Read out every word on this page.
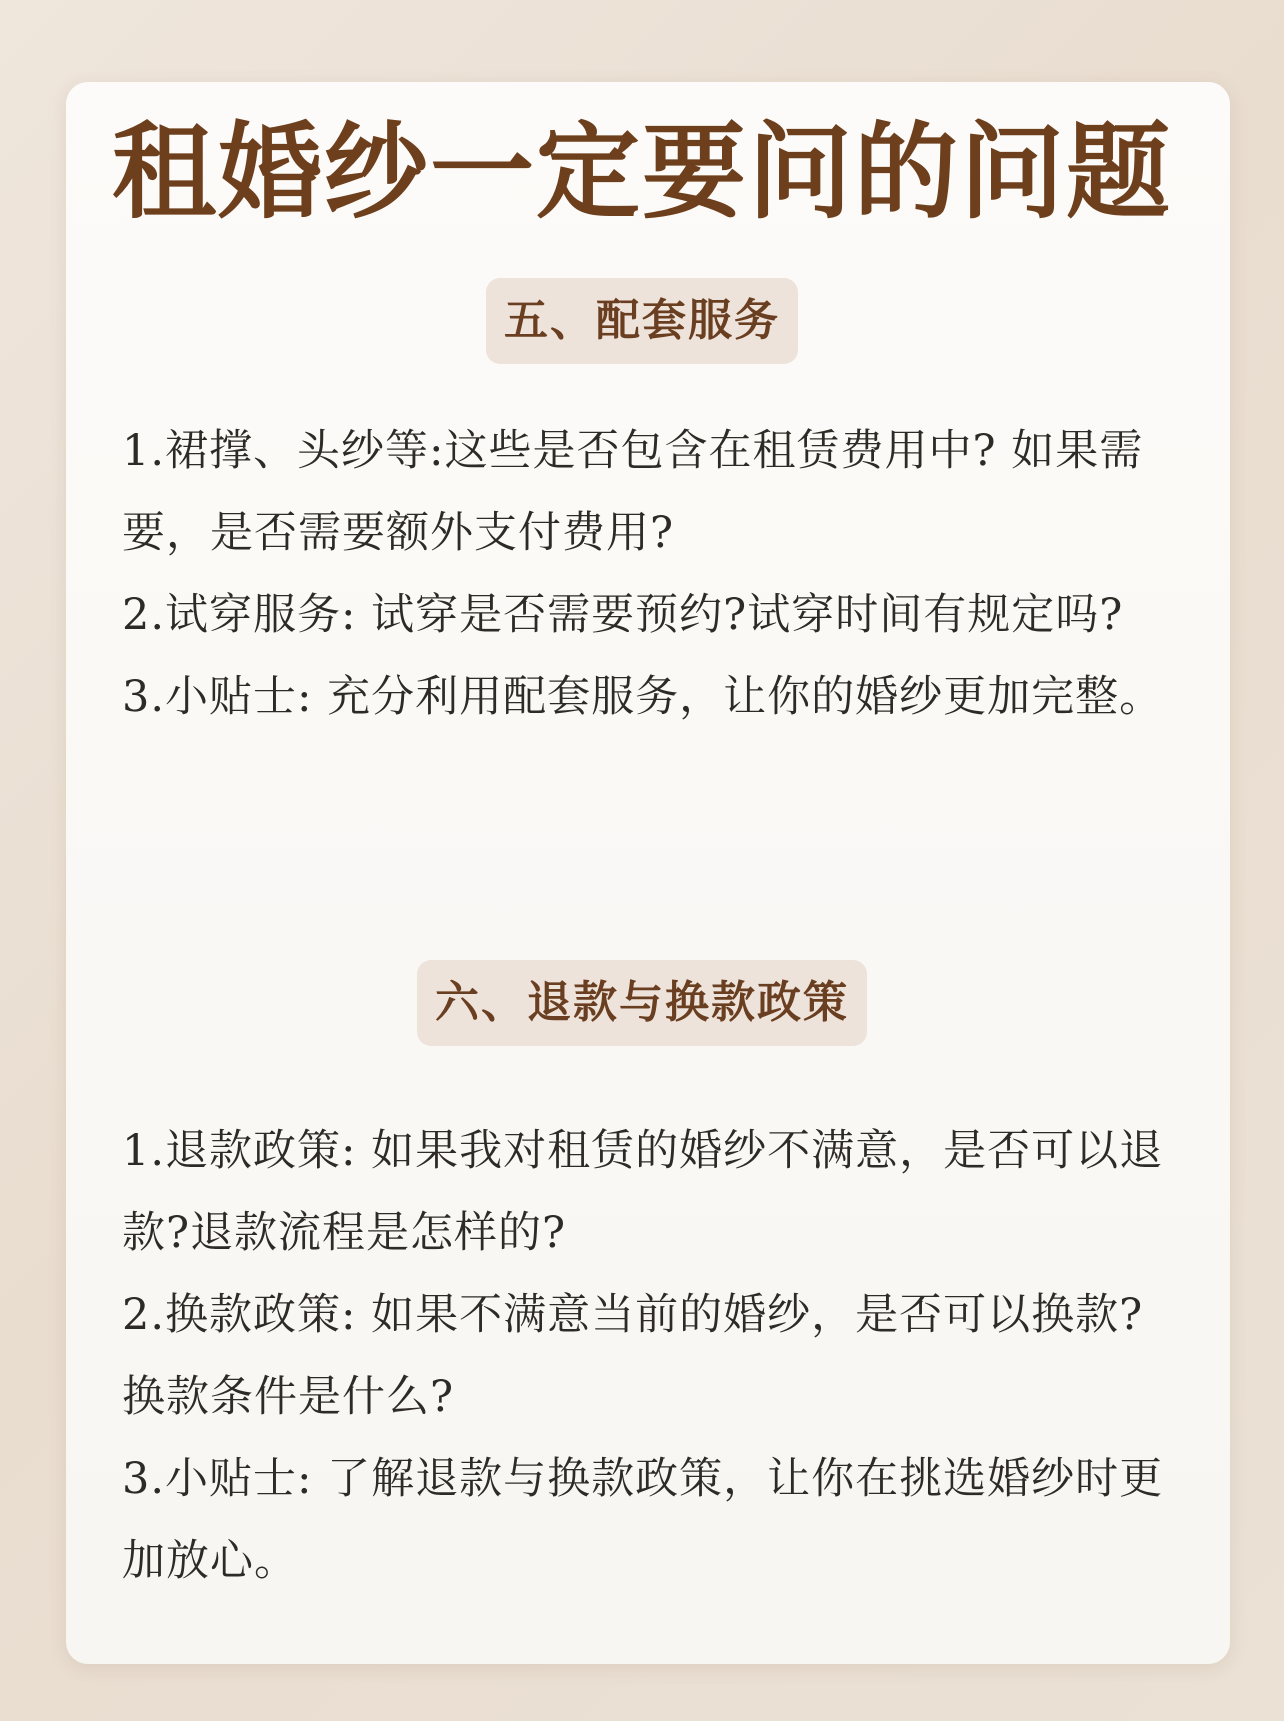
租婚纱一定要问的问题
五、配套服务

1.裙撑、头纱等:这些是否包含在租赁费用中? 如果需要，是否需要额外支付费用?

2.试穿服务: 试穿是否需要预约?试穿时间有规定吗?

3.小贴士: 充分利用配套服务，让你的婚纱更加完整。

六、退款与换款政策

1.退款政策: 如果我对租赁的婚纱不满意，是否可以退款?退款流程是怎样的?

2.换款政策: 如果不满意当前的婚纱，是否可以换款?换款条件是什么?

3.小贴士: 了解退款与换款政策，让你在挑选婚纱时更加放心。
